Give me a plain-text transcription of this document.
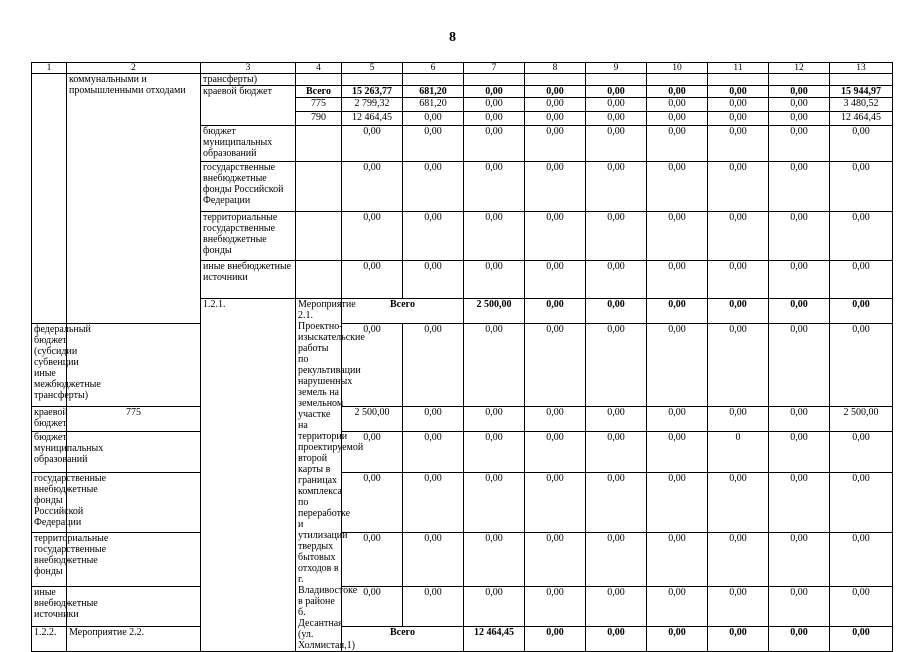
8
1	2	3	4	5	6	7	8	9	10	11	12	13	
	коммунальными и промышленными отходами	трансферты)											
		краевой бюджет	Всего	15 263,77	681,20	0,00	0,00	0,00	0,00	0,00	0,00	15 944,97	
			775	2 799,32	681,20	0,00	0,00	0,00	0,00	0,00	0,00	3 480,52	
			790	12 464,45	0,00	0,00	0,00	0,00	0,00	0,00	0,00	12 464,45	
		бюджет муниципальных образований		0,00	0,00	0,00	0,00	0,00	0,00	0,00	0,00	0,00	
		государственные внебюджетные фонды Российской Федерации		0,00	0,00	0,00	0,00	0,00	0,00	0,00	0,00	0,00	
		территориальные государственные внебюджетные фонды		0,00	0,00	0,00	0,00	0,00	0,00	0,00	0,00	0,00	
		иные внебюджетные источники		0,00	0,00	0,00	0,00	0,00	0,00	0,00	0,00	0,00	
		1.2.1.	Мероприятие 2.1. Проектно-изыскательские работы по рекультивации нарушенных земель на земельном участке на территории проектируемой второй карты в границах комплекса по переработке и утилизации твердых бытовых отходов в г. Владивостоке в районе б. Десантная (ул. Холмистая,1)	Всего		2 500,00	0,00	0,00	0,00	0,00	0,00	0,00		
федеральный бюджет (субсидии субвенции иные межбюджетные трансферты)				0,00	0,00	0,00	0,00	0,00	0,00	0,00	0,00	0,00	
краевой бюджет	775			2 500,00	0,00	0,00	0,00	0,00	0,00	0,00	0,00	2 500,00	
бюджет муниципальных образований				0,00	0,00	0,00	0,00	0,00	0,00	0	0,00	0,00	
государственные внебюджетные фонды Российской Федерации				0,00	0,00	0,00	0,00	0,00	0,00	0,00	0,00	0,00	
территориальные государственные внебюджетные фонды				0,00	0,00	0,00	0,00	0,00	0,00	0,00	0,00	0,00	
иные внебюджетные источники				0,00	0,00	0,00	0,00	0,00	0,00	0,00	0,00	0,00	
1.2.2.	Мероприятие 2.2.			Всего		12 464,45	0,00	0,00	0,00	0,00	0,00	0,00		
